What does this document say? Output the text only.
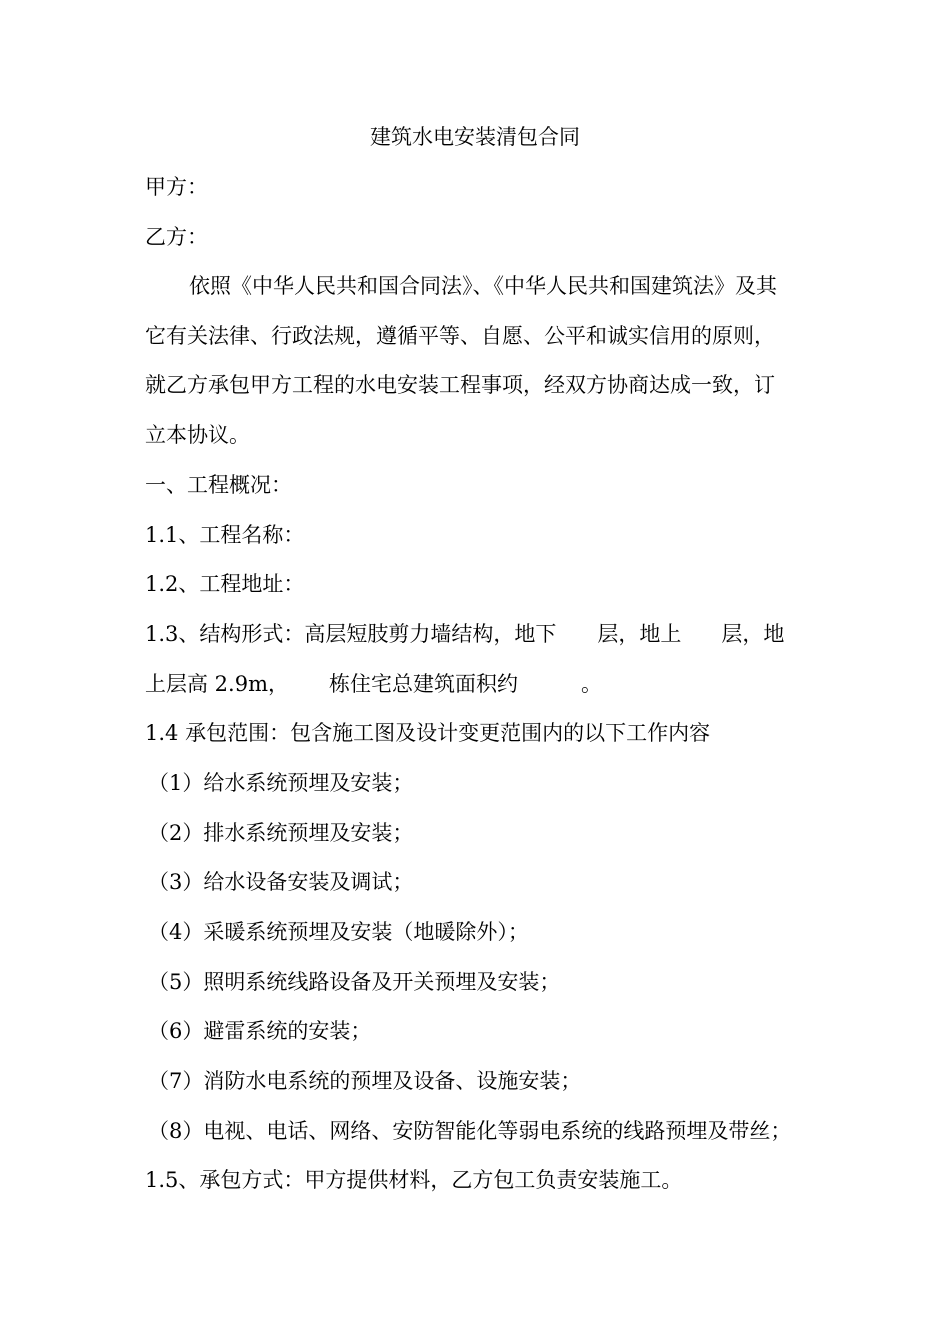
建筑水电安装清包合同
甲方：
乙方：
依照《中华人民共和国合同法》、《中华人民共和国建筑法》及其
它有关法律、行政法规，遵循平等、自愿、公平和诚实信用的原则，
就乙方承包甲方工程的水电安装工程事项，经双方协商达成一致，订
立本协议。
一、工程概况：
1.1、工程名称：
1.2、工程地址：
1.3、结构形式：高层短肢剪力墙结构，地下 层，地上 层，地
上层高 2.9m， 栋住宅总建筑面积约	。
1.4 承包范围：包含施工图及设计变更范围内的以下工作内容
（1）给水系统预埋及安装；
（2）排水系统预埋及安装；
（3）给水设备安装及调试；
（4）采暖系统预埋及安装（地暖除外）；
（5）照明系统线路设备及开关预埋及安装；
（6）避雷系统的安装；
（7）消防水电系统的预埋及设备、设施安装；
（8）电视、电话、网络、安防智能化等弱电系统的线路预埋及带丝；
1.5、承包方式：甲方提供材料，乙方包工负责安装施工。
